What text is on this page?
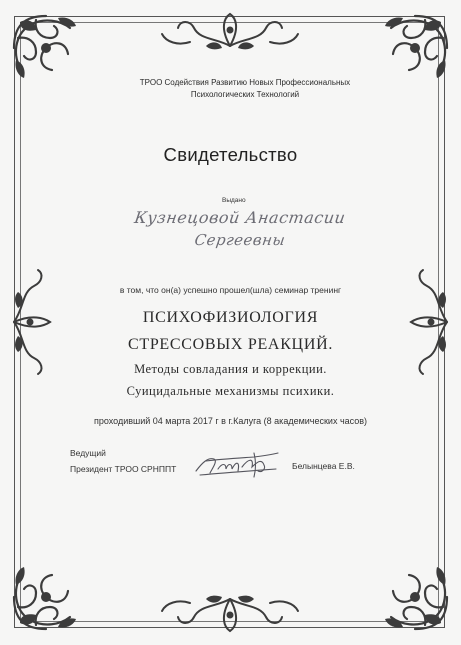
ТРОО Содействия Развитию Новых Профессиональных
Психологических Технологий
Свидетельство
Выдано
Кузнецовой Анастасии
Сергеевны
в том, что он(а) успешно прошел(шла) семинар тренинг
ПСИХОФИЗИОЛОГИЯ
СТРЕССОВЫХ РЕАКЦИЙ.
Методы совладания и коррекции.
Суицидальные механизмы психики.
проходивший 04 марта 2017 г в г.Калуга (8 академических часов)
Ведущий
Президент ТРОО СРНППТ	Белынцева Е.В.
